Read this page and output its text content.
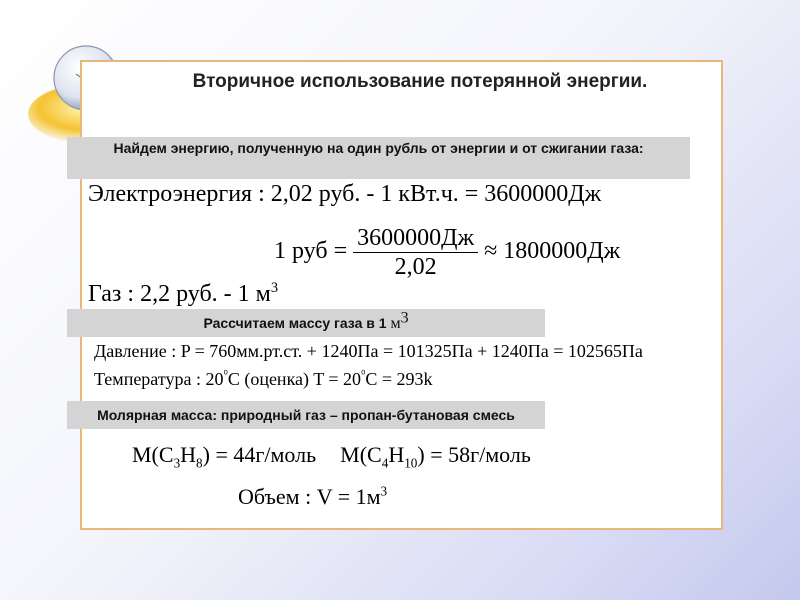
Вторичное использование потерянной энергии.
Найдем энергию, полученную на один рубль от энергии и от сжигании газа:
Электроэнергия : 2,02 руб. - 1 кВт.ч. = 3600000Дж
1 руб = $\frac{3600000Дж}{2,02} \approx 1800000Дж$
Газ : 2,2 руб. - 1 $м^3$
Рассчитаем массу газа в 1 $м^3$
Давление : P = 760мм.рт.ст. + 1240Па = 101325Па + 1240Па = 102565Па
Температура : $20^{^0}C$ (оценка) $T = 20^{^0}C = 293k$
Молярная масса: природный газ – пропан-бутановая смесь
$M(C_3H_8)$ = 44г/моль $M(C_4H_{10})$ = 58г/моль
Объем : $V = 1м^3$
